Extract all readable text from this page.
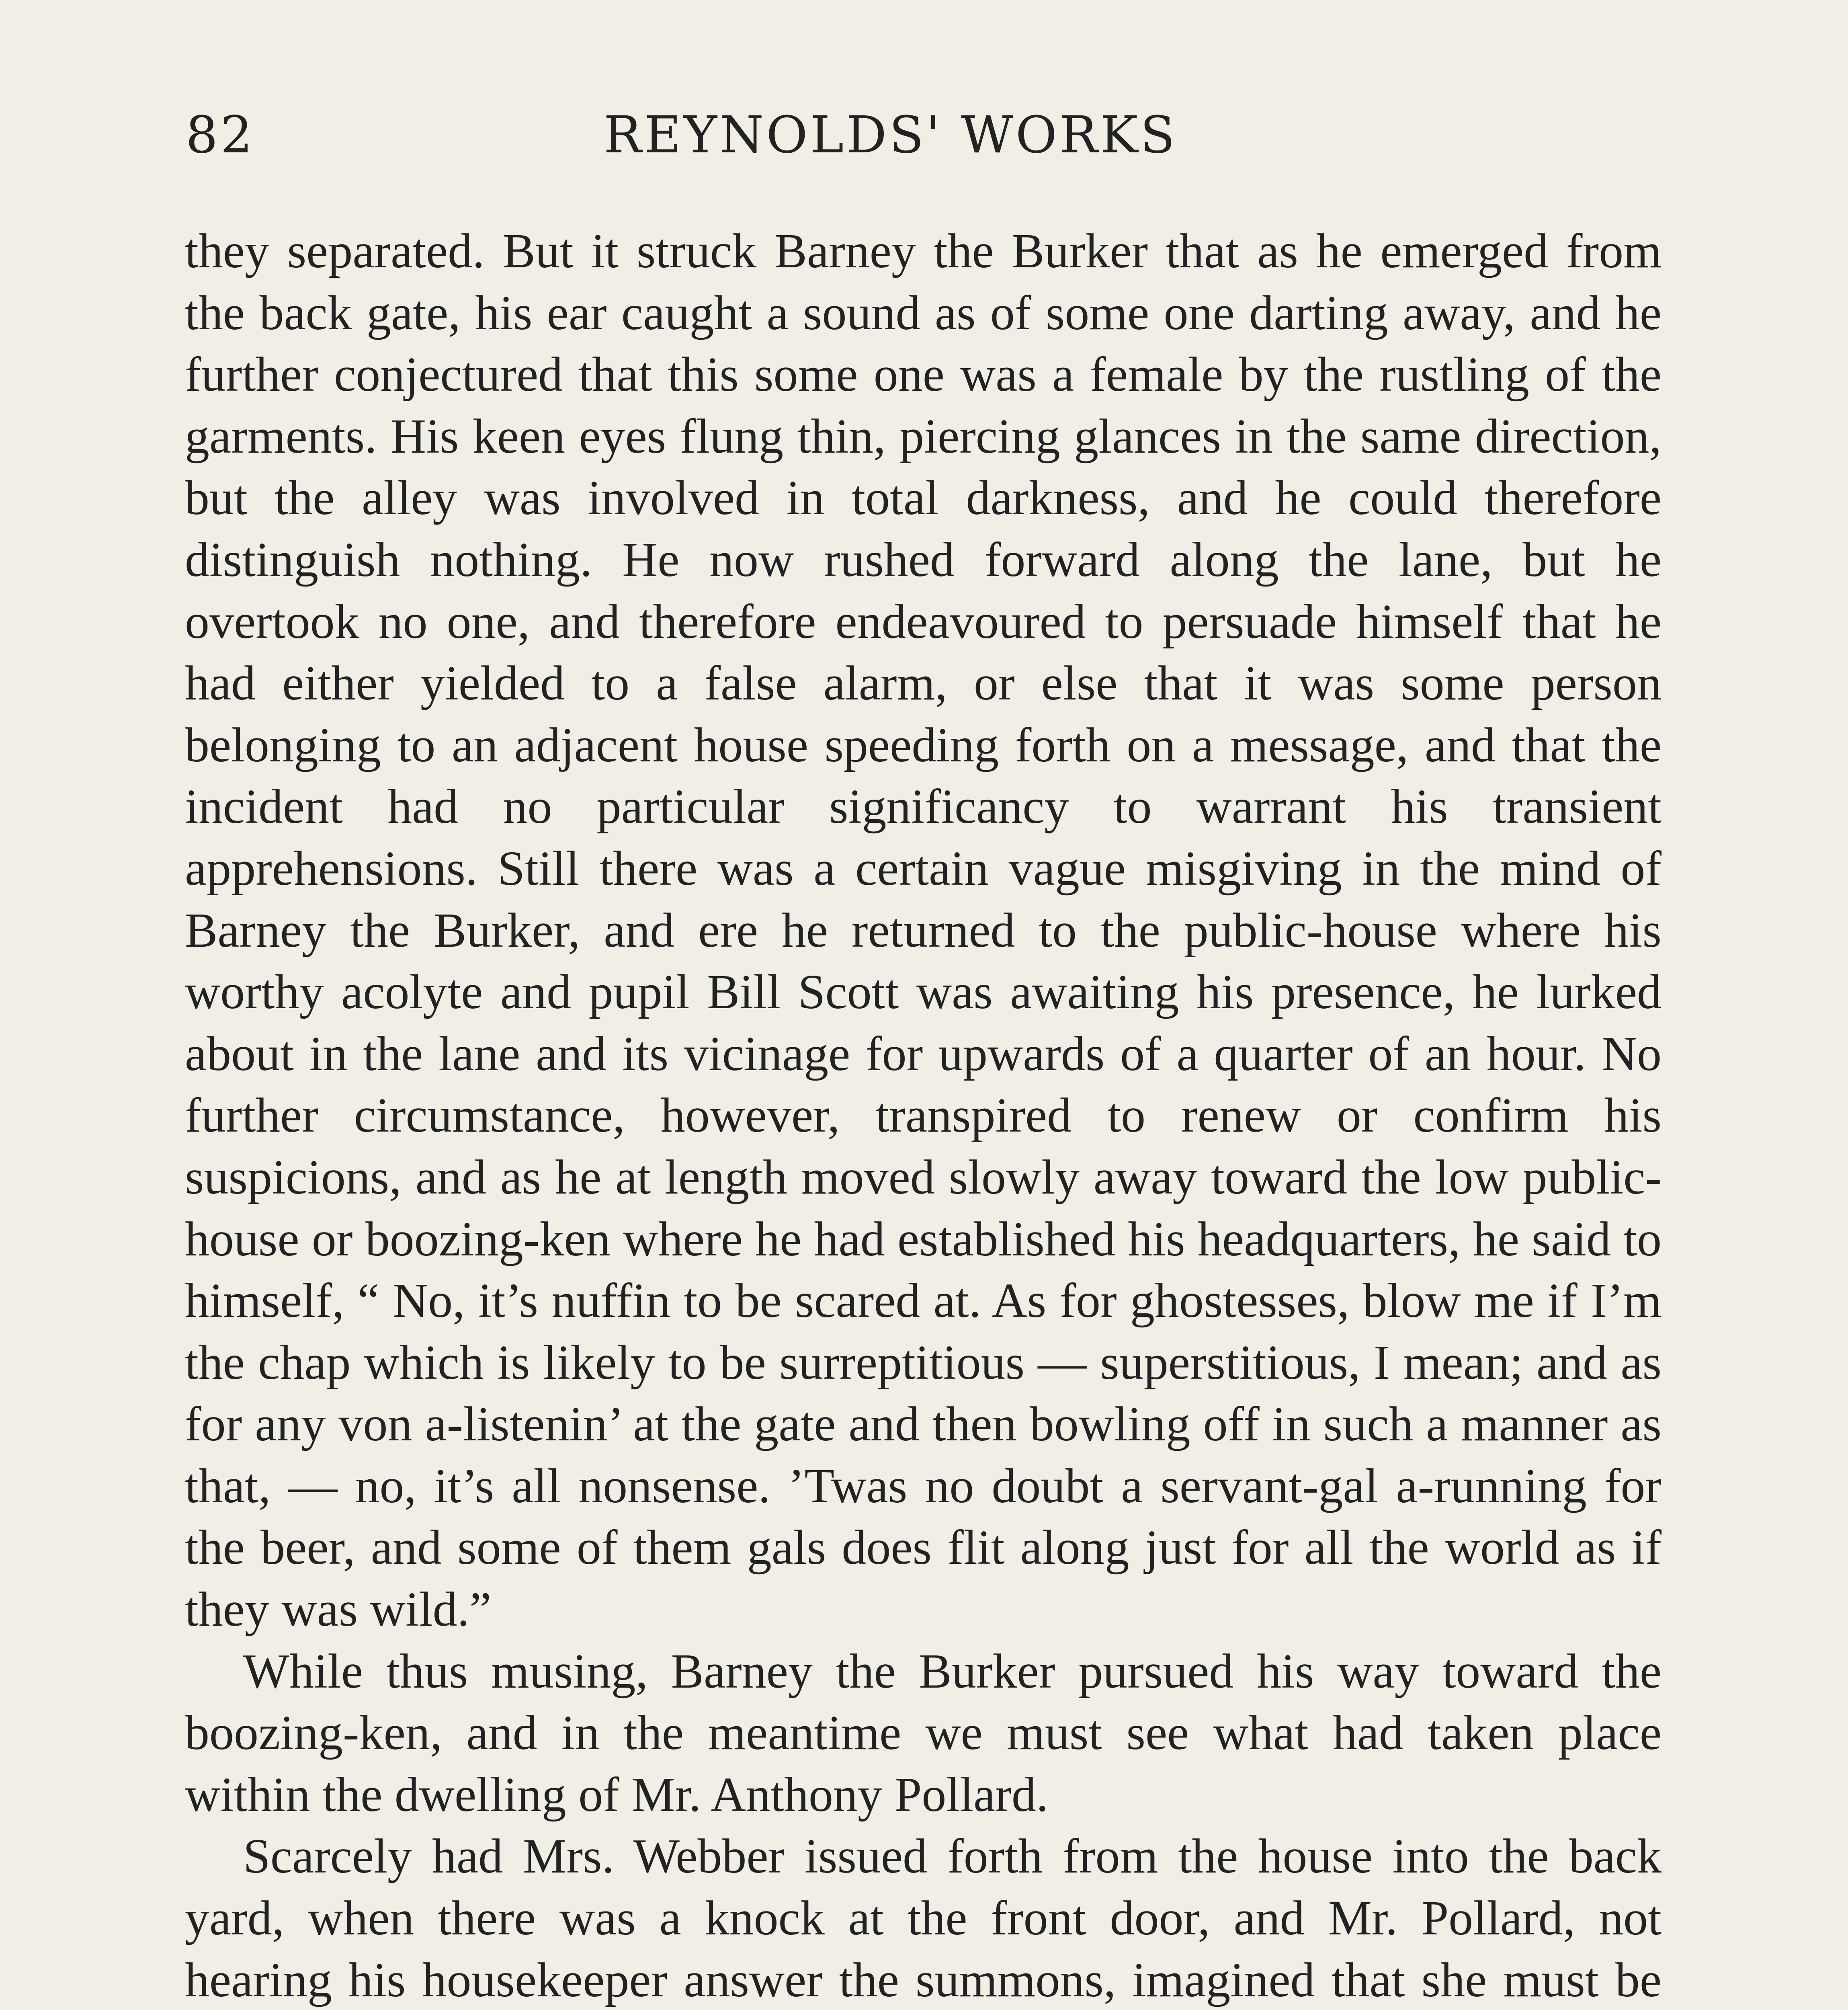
82	REYNOLDS' WORKS

they separated. But it struck Barney the Burker that as he emerged from the back gate, his ear caught a sound as of some one darting away, and he further conjectured that this some one was a female by the rustling of the garments. His keen eyes flung thin, piercing glances in the same direction, but the alley was involved in total darkness, and he could therefore distinguish nothing. He now rushed forward along the lane, but he overtook no one, and therefore endeavoured to persuade himself that he had either yielded to a false alarm, or else that it was some person belonging to an adjacent house speeding forth on a message, and that the incident had no particular significancy to warrant his transient apprehensions. Still there was a certain vague misgiving in the mind of Barney the Burker, and ere he returned to the public-house where his worthy acolyte and pupil Bill Scott was awaiting his presence, he lurked about in the lane and its vicinage for upwards of a quarter of an hour. No further circumstance, however, transpired to renew or confirm his suspicions, and as he at length moved slowly away toward the low public-house or boozing-ken where he had established his headquarters, he said to himself, “ No, it’s nuffin to be scared at. As for ghostesses, blow me if I’m the chap which is likely to be surreptitious — superstitious, I mean; and as for any von a-listenin’ at the gate and then bowling off in such a manner as that, — no, it’s all nonsense. ’Twas no doubt a servant-gal a-running for the beer, and some of them gals does flit along just for all the world as if they was wild.”

While thus musing, Barney the Burker pursued his way toward the boozing-ken, and in the meantime we must see what had taken place within the dwelling of Mr. Anthony Pollard.

Scarcely had Mrs. Webber issued forth from the house into the back yard, when there was a knock at the front door, and Mr. Pollard, not hearing his housekeeper answer the summons, imagined that she must be
